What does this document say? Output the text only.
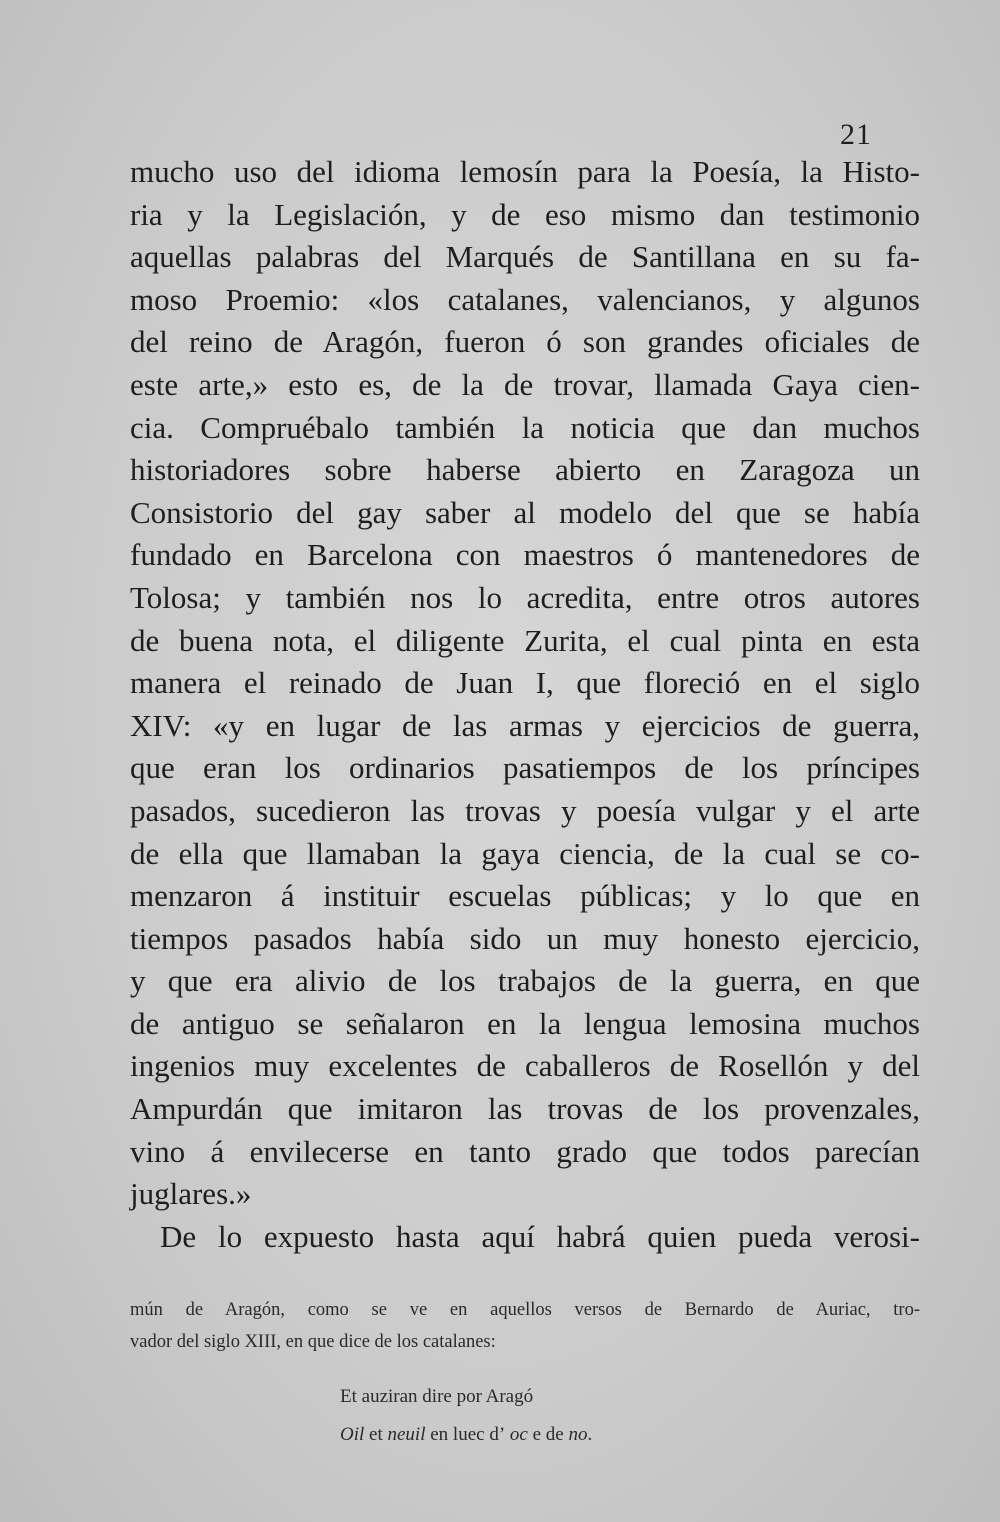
21
mucho uso del idioma lemosín para la Poesía, la Histo-
ria y la Legislación, y de eso mismo dan testimonio
aquellas palabras del Marqués de Santillana en su fa-
moso Proemio: «los catalanes, valencianos, y algunos
del reino de Aragón, fueron ó son grandes oficiales de
este arte,» esto es, de la de trovar, llamada Gaya cien-
cia. Compruébalo también la noticia que dan muchos
historiadores sobre haberse abierto en Zaragoza un
Consistorio del gay saber al modelo del que se había
fundado en Barcelona con maestros ó mantenedores de
Tolosa; y también nos lo acredita, entre otros autores
de buena nota, el diligente Zurita, el cual pinta en esta
manera el reinado de Juan I, que floreció en el siglo
XIV: «y en lugar de las armas y ejercicios de guerra,
que eran los ordinarios pasatiempos de los príncipes
pasados, sucedieron las trovas y poesía vulgar y el arte
de ella que llamaban la gaya ciencia, de la cual se co-
menzaron á instituir escuelas públicas; y lo que en
tiempos pasados había sido un muy honesto ejercicio,
y que era alivio de los trabajos de la guerra, en que
de antiguo se señalaron en la lengua lemosina muchos
ingenios muy excelentes de caballeros de Rosellón y del
Ampurdán que imitaron las trovas de los provenzales,
vino á envilecerse en tanto grado que todos parecían
juglares.»
De lo expuesto hasta aquí habrá quien pueda verosi-
mún de Aragón, como se ve en aquellos versos de Bernardo de Auriac, tro-
vador del siglo XIII, en que dice de los catalanes:
Et auziran dire por Aragó
Oil et neuil en luec dʼ oc e de no.
